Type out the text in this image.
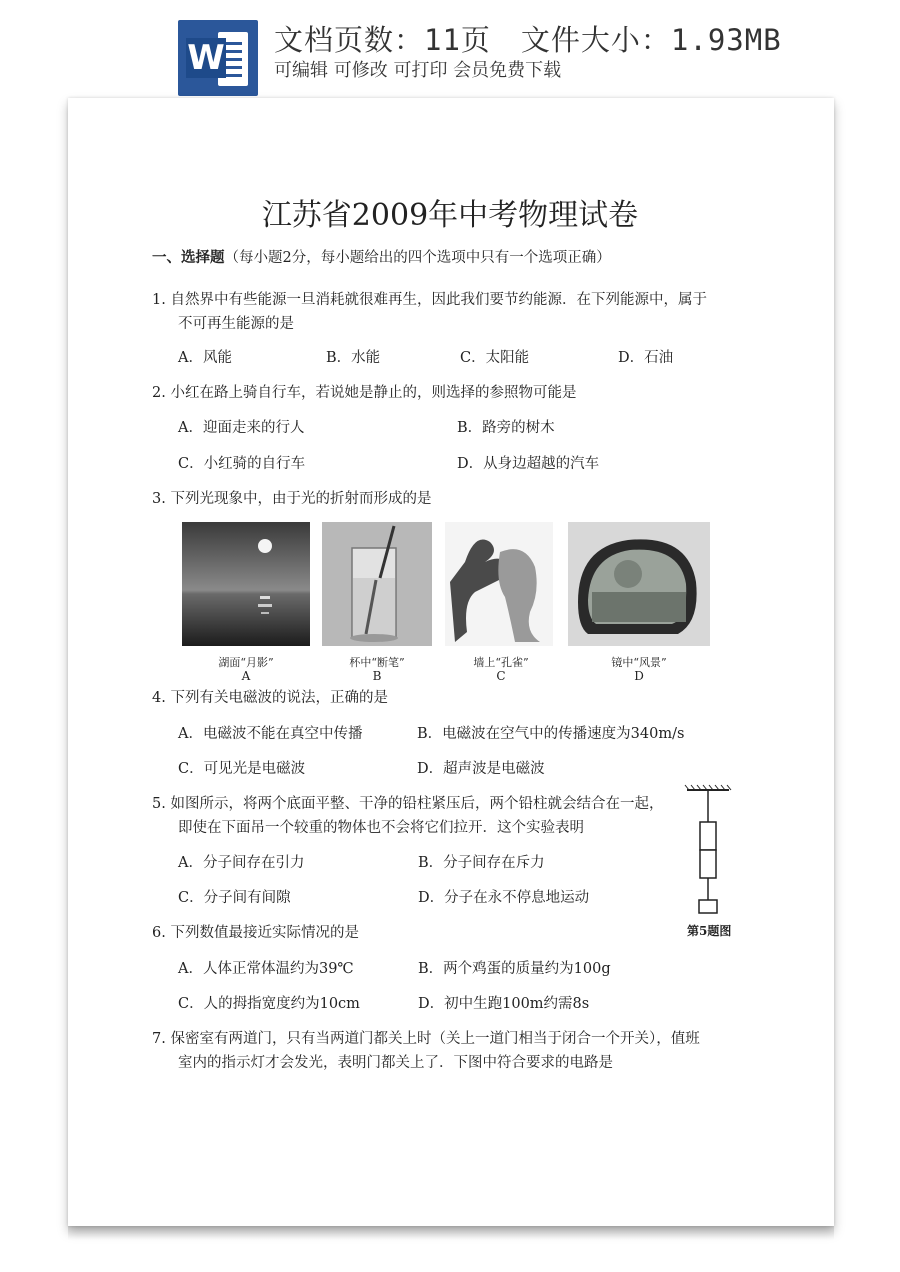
W 文档页数：11页　文件大小：1.93MB
可编辑 可修改 可打印 会员免费下载
江苏省2009年中考物理试卷
一、选择题（每小题2分，每小题给出的四个选项中只有一个选项正确）
1. 自然界中有些能源一旦消耗就很难再生，因此我们要节约能源．在下列能源中，属于
不可再生能源的是
A．风能	B．水能	C．太阳能	D．石油
2. 小红在路上骑自行车，若说她是静止的，则选择的参照物可能是
A．迎面走来的行人	B．路旁的树木
C．小红骑的自行车	D．从身边超越的汽车
3. 下列光现象中，由于光的折射而形成的是
湖面“月影”	杯中“断笔”	墙上“孔雀”	镜中“风景”
A	B	C	D
4. 下列有关电磁波的说法，正确的是
A．电磁波不能在真空中传播	B．电磁波在空气中的传播速度为340m/s
C．可见光是电磁波	D．超声波是电磁波
5. 如图所示，将两个底面平整、干净的铅柱紧压后，两个铅柱就会结合在一起，
即使在下面吊一个较重的物体也不会将它们拉开．这个实验表明
A．分子间存在引力	B．分子间存在斥力
C．分子间有间隙	D．分子在永不停息地运动
第5题图
6. 下列数值最接近实际情况的是
A．人体正常体温约为39℃	B．两个鸡蛋的质量约为100g
C．人的拇指宽度约为10cm	D．初中生跑100m约需8s
7. 保密室有两道门，只有当两道门都关上时（关上一道门相当于闭合一个开关），值班
室内的指示灯才会发光，表明门都关上了．下图中符合要求的电路是
